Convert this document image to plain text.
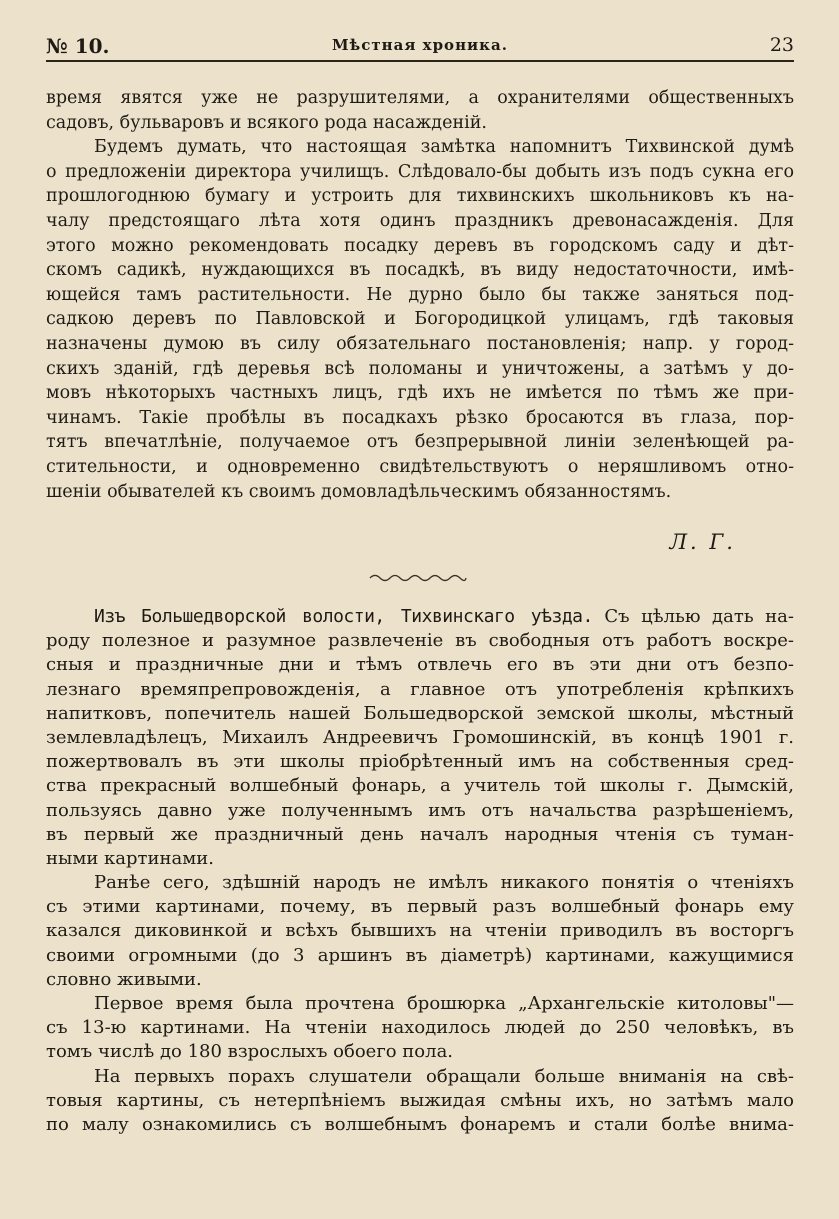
№ 10.	Мѣстная хроника.	23
время явятся уже не разрушителями, а охранителями общественныхъ
садовъ, бульваровъ и всякого рода насажденій.
Будемъ думать, что настоящая замѣтка напомнитъ Тихвинской думѣ
о предложеніи директора училищъ. Слѣдовало-бы добыть изъ подъ сукна его
прошлогоднюю бумагу и устроить для тихвинскихъ школьниковъ къ на-
чалу предстоящаго лѣта хотя одинъ праздникъ древонасажденія. Для
этого можно рекомендовать посадку деревъ въ городскомъ саду и дѣт-
скомъ садикѣ, нуждающихся въ посадкѣ, въ виду недостаточности, имѣ-
ющейся тамъ растительности. Не дурно было бы также заняться под-
садкою деревъ по Павловской и Богородицкой улицамъ, гдѣ таковыя
назначены думою въ силу обязательнаго постановленія; напр. у город-
скихъ зданій, гдѣ деревья всѣ поломаны и уничтожены, а затѣмъ у до-
мовъ нѣкоторыхъ частныхъ лицъ, гдѣ ихъ не имѣется по тѣмъ же при-
чинамъ. Такіе пробѣлы въ посадкахъ рѣзко бросаются въ глаза, пор-
тятъ впечатлѣніе, получаемое отъ безпрерывной линіи зеленѣющей ра-
стительности, и одновременно свидѣтельствуютъ о неряшливомъ отно-
шеніи обывателей къ своимъ домовладѣльческимъ обязанностямъ.
Л. Г.
Изъ Большедворской волости, Тихвинскаго уѣзда. Съ цѣлью дать на-
роду полезное и разумное развлеченіе въ свободныя отъ работъ воскре-
сныя и праздничные дни и тѣмъ отвлечь его въ эти дни отъ безпо-
лезнаго времяпрепровожденія, а главное отъ употребленія крѣпкихъ
напитковъ, попечитель нашей Большедворской земской школы, мѣстный
землевладѣлецъ, Михаилъ Андреевичъ Громошинскій, въ концѣ 1901 г.
пожертвовалъ въ эти школы пріобрѣтенный имъ на собственныя сред-
ства прекрасный волшебный фонарь, а учитель той школы г. Дымскій,
пользуясь давно уже полученнымъ имъ отъ начальства разрѣшеніемъ,
въ первый же праздничный день началъ народныя чтенія съ туман-
ными картинами.
Ранѣе сего, здѣшній народъ не имѣлъ никакого понятія о чтеніяхъ
съ этими картинами, почему, въ первый разъ волшебный фонарь ему
казался диковинкой и всѣхъ бывшихъ на чтеніи приводилъ въ восторгъ
своими огромными (до 3 аршинъ въ діаметрѣ) картинами, кажущимися
словно живыми.
Первое время была прочтена брошюрка „Архангельскіе китоловы"—
съ 13-ю картинами. На чтеніи находилось людей до 250 человѣкъ, въ
томъ числѣ до 180 взрослыхъ обоего пола.
На первыхъ порахъ слушатели обращали больше вниманія на свѣ-
товыя картины, съ нетерпѣніемъ выжидая смѣны ихъ, но затѣмъ мало
по малу ознакомились съ волшебнымъ фонаремъ и стали болѣе внима-
